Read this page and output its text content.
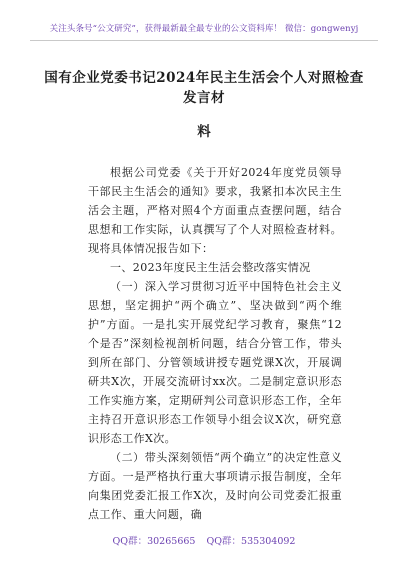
关注头条号“公文研究”，获得最新最全最专业的公文资料库！ 微信：gongwenyj
国有企业党委书记2024年民主生活会个人对照检查发言材
料

根据公司党委《关于开好2024年度党员领导干部民主生活会的通知》要求，我紧扣本次民主生活会主题，严格对照4个方面重点查摆问题，结合思想和工作实际，认真撰写了个人对照检查材料。现将具体情况报告如下：

一、2023年度民主生活会整改落实情况

（一）深入学习贯彻习近平中国特色社会主义思想，坚定拥护“两个确立”、坚决做到“两个维护”方面。一是扎实开展党纪学习教育，聚焦“12个是否”深刻检视剖析问题，结合分管工作，带头到所在部门、分管领域讲授专题党课X次，开展调研共X次，开展交流研讨xx次。二是制定意识形态工作实施方案，定期研判公司意识形态工作，全年主持召开意识形态工作领导小组会议X次，研究意识形态工作X次。

（二）带头深刻领悟“两个确立”的决定性意义方面。一是严格执行重大事项请示报告制度，全年向集团党委汇报工作X次，及时向公司党委汇报重点工作、重大问题，确

QQ群：30265665 QQ群：535304092
